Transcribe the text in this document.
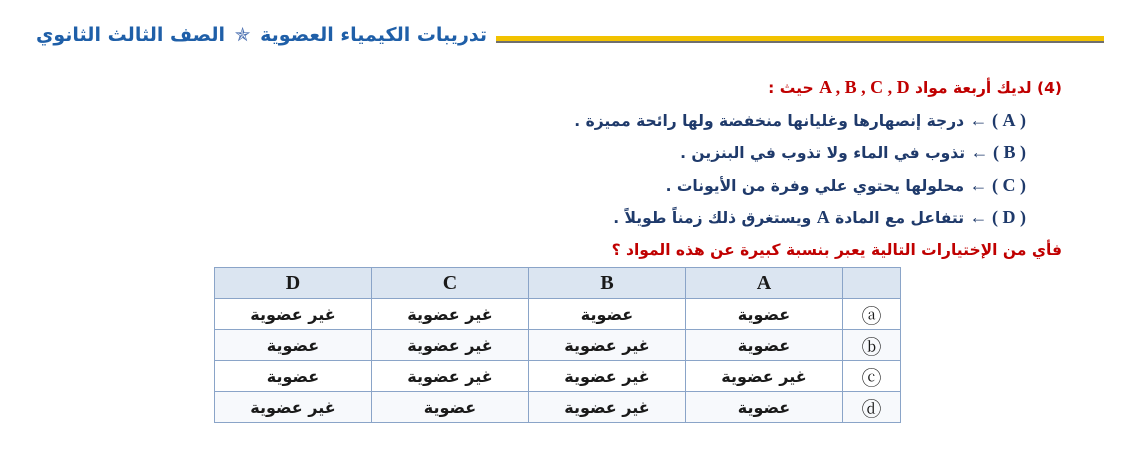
تدريبات الكيمياء العضوية ✯ الصف الثالث الثانوي
(4) لديك أربعة مواد A , B , C , D حيث :
( A ) ← درجة إنصهارها وغليانها منخفضة ولها رائحة مميزة .
( B ) ← تذوب في الماء ولا تذوب في البنزين .
( C ) ← محلولها يحتوي علي وفرة من الأيونات .
( D ) ← تتفاعل مع المادة A ويستغرق ذلك زمناً طويلاً .
فأي من الإختيارات التالية يعبر بنسبة كبيرة عن هذه المواد ؟
	A	B	C	D
ⓐ	عضوية	عضوية	غير عضوية	غير عضوية
ⓑ	عضوية	غير عضوية	غير عضوية	عضوية
ⓒ	غير عضوية	غير عضوية	غير عضوية	عضوية
ⓓ	عضوية	غير عضوية	عضوية	غير عضوية
